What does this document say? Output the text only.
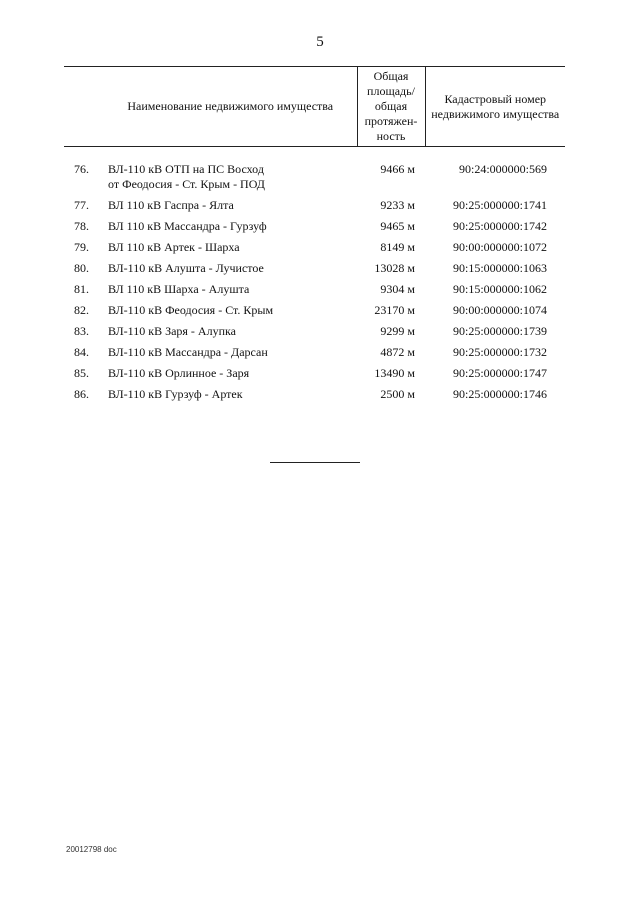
5
	Наименование недвижимого имущества	Общая площадь/ общая протяжен- ность	Кадастровый номер недвижимого имущества

76.	ВЛ-110 кВ ОТП на ПС Восход
от Феодосия - Ст. Крым - ПОД	9466 м	90:24:000000:569
77.	ВЛ 110 кВ Гаспра - Ялта	9233 м	90:25:000000:1741
78.	ВЛ 110 кВ Массандра - Гурзуф	9465 м	90:25:000000:1742
79.	ВЛ 110 кВ Артек - Шарха	8149 м	90:00:000000:1072
80.	ВЛ-110 кВ Алушта - Лучистое	13028 м	90:15:000000:1063
81.	ВЛ 110 кВ Шарха - Алушта	9304 м	90:15:000000:1062
82.	ВЛ-110 кВ Феодосия - Ст. Крым	23170 м	90:00:000000:1074
83.	ВЛ-110 кВ Заря - Алупка	9299 м	90:25:000000:1739
84.	ВЛ-110 кВ Массандра - Дарсан	4872 м	90:25:000000:1732
85.	ВЛ-110 кВ Орлинное - Заря	13490 м	90:25:000000:1747
86.	ВЛ-110 кВ Гурзуф - Артек	2500 м	90:25:000000:1746
20012798 doc
